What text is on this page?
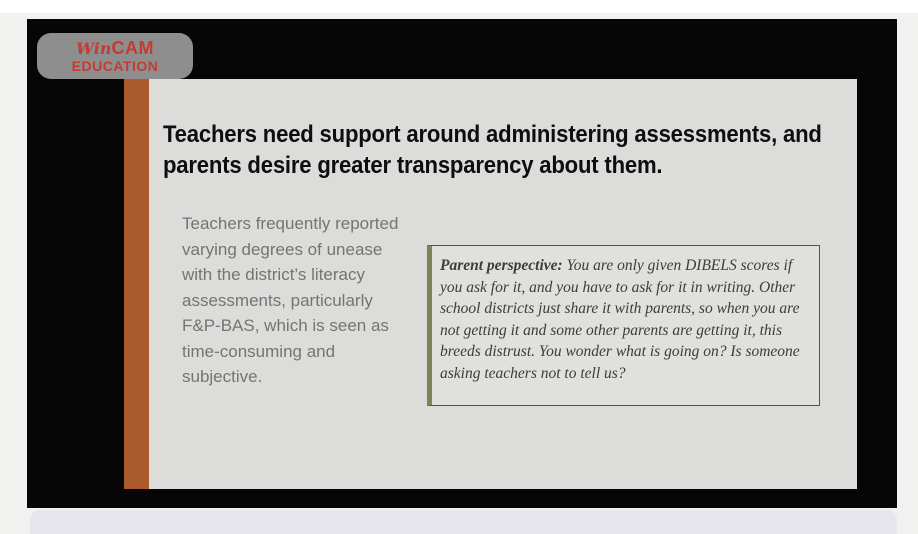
Teachers need support around administering assessments, and
parents desire greater transparency about them.
Teachers frequently reported varying degrees of unease with the district’s literacy assessments, particularly F&P-BAS, which is seen as time-consuming and subjective.
Parent perspective: You are only given DIBELS scores if you ask for it, and you have to ask for it in writing. Other school districts just share it with parents, so when you are not getting it and some other parents are getting it, this breeds distrust. You wonder what is going on? Is someone asking teachers not to tell us?
WinCAM
EDUCATION
